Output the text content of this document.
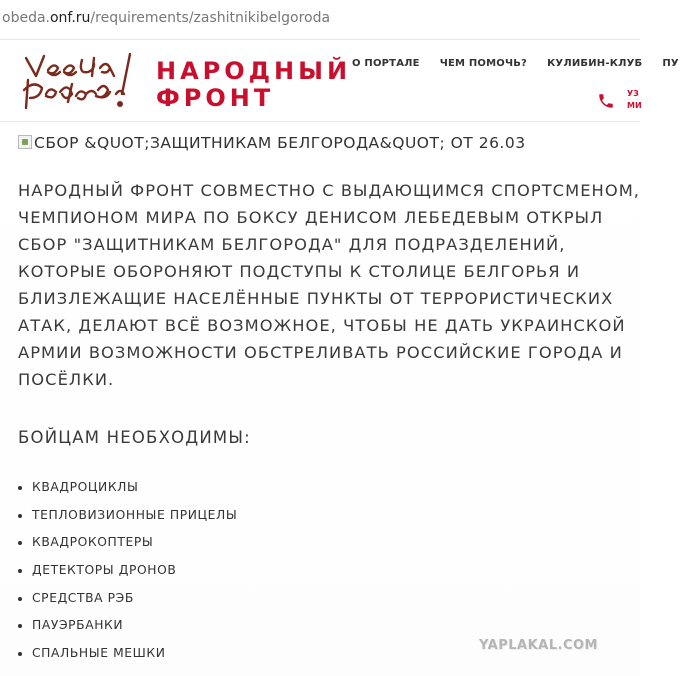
obeda.onf.ru/requirements/zashitnikibelgoroda
НАРОДНЫЙ
ФРОНТ
О ПОРТАЛЕ ЧЕМ ПОМОЧЬ? КУЛИБИН-КЛУБ ПУ
УЗ
МИ
СБОР &QUOT;ЗАЩИТНИКАМ БЕЛГОРОДА&QUOT; ОТ 26.03
НАРОДНЫЙ ФРОНТ СОВМЕСТНО С ВЫДАЮЩИМСЯ СПОРТСМЕНОМ,
ЧЕМПИОНОМ МИРА ПО БОКСУ ДЕНИСОМ ЛЕБЕДЕВЫМ ОТКРЫЛ
СБОР "ЗАЩИТНИКАМ БЕЛГОРОДА" ДЛЯ ПОДРАЗДЕЛЕНИЙ,
КОТОРЫЕ ОБОРОНЯЮТ ПОДСТУПЫ К СТОЛИЦЕ БЕЛГОРЬЯ И
БЛИЗЛЕЖАЩИЕ НАСЕЛЁННЫЕ ПУНКТЫ ОТ ТЕРРОРИСТИЧЕСКИХ
АТАК, ДЕЛАЮТ ВСЁ ВОЗМОЖНОЕ, ЧТОБЫ НЕ ДАТЬ УКРАИНСКОЙ
АРМИИ ВОЗМОЖНОСТИ ОБСТРЕЛИВАТЬ РОССИЙСКИЕ ГОРОДА И
ПОСЁЛКИ.
БОЙЦАМ НЕОБХОДИМЫ:
КВАДРОЦИКЛЫ
ТЕПЛОВИЗИОННЫЕ ПРИЦЕЛЫ
КВАДРОКОПТЕРЫ
ДЕТЕКТОРЫ ДРОНОВ
СРЕДСТВА РЭБ
ПАУЭРБАНКИ
СПАЛЬНЫЕ МЕШКИ
YAPLAKAL.COM
